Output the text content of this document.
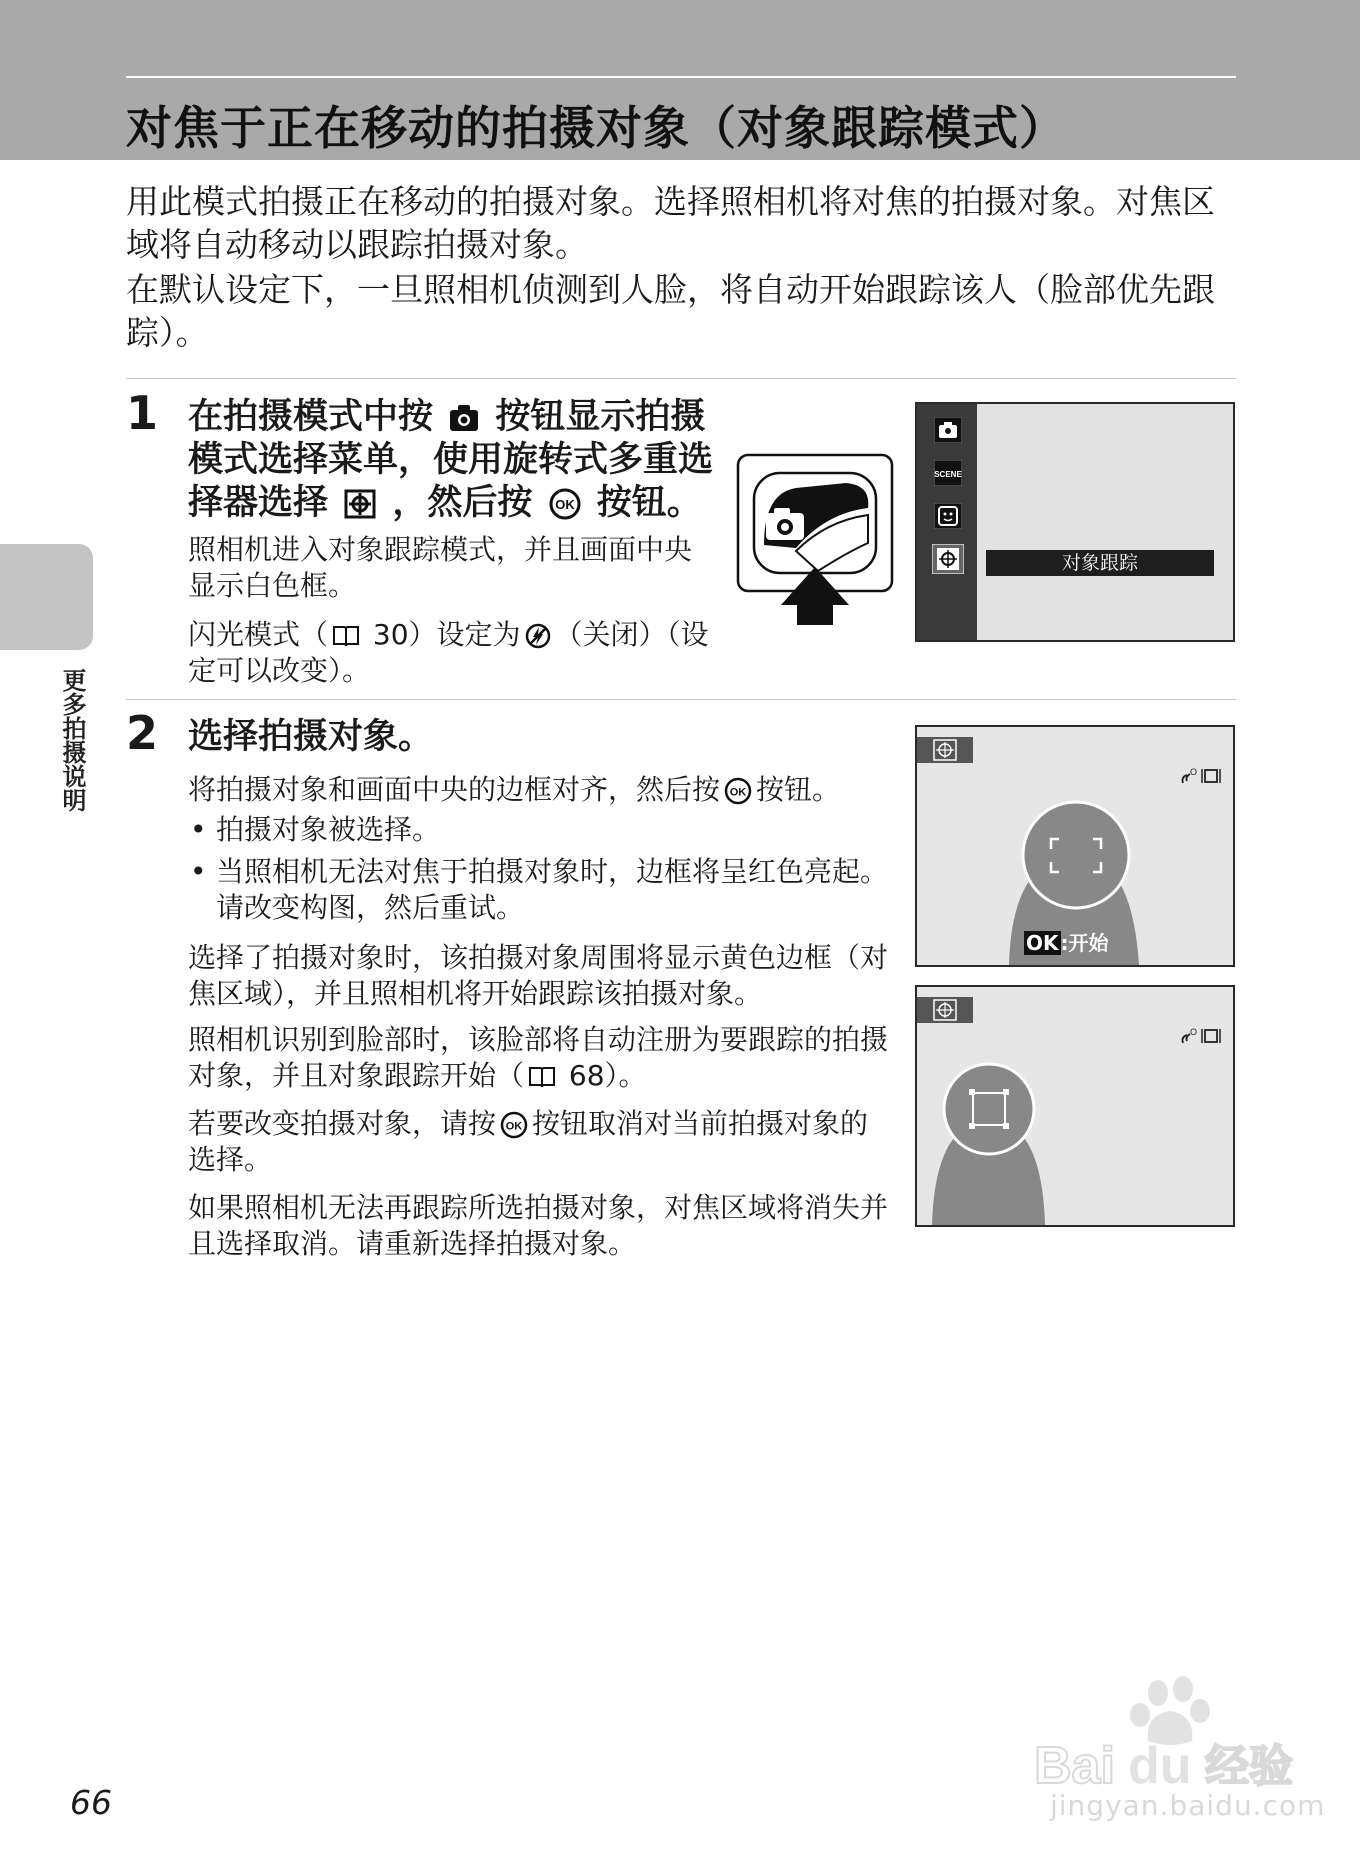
对焦于正在移动的拍摄对象（对象跟踪模式）
更多拍摄说明

用此模式拍摄正在移动的拍摄对象。选择照相机将对焦的拍摄对象。对焦区域将自动移动以跟踪拍摄对象。

在默认设定下，一旦照相机侦测到人脸，将自动开始跟踪该人（脸部优先跟踪）。

1 在拍摄模式中按 按钮显示拍摄模式选择菜单，使用旋转式多重选择器选择 ，然后按 OK 按钮。

照相机进入对象跟踪模式，并且画面中央显示白色框。

闪光模式（ 30）设定为 （关闭）（设定可以改变）。

SCENE
对象跟踪
2 选择拍摄对象。

将拍摄对象和画面中央的边框对齐，然后按 OK 按钮。

• 拍摄对象被选择。

• 当照相机无法对焦于拍摄对象时，边框将呈红色亮起。请改变构图，然后重试。

选择了拍摄对象时，该拍摄对象周围将显示黄色边框（对焦区域），并且照相机将开始跟踪该拍摄对象。

照相机识别到脸部时，该脸部将自动注册为要跟踪的拍摄对象，并且对象跟踪开始（ 68）。

若要改变拍摄对象，请按 OK 按钮取消对当前拍摄对象的选择。

如果照相机无法再跟踪所选拍摄对象，对焦区域将消失并且选择取消。请重新选择拍摄对象。

O
OK :开始
O
Bai du 经验
jingyan.baidu.com
66
